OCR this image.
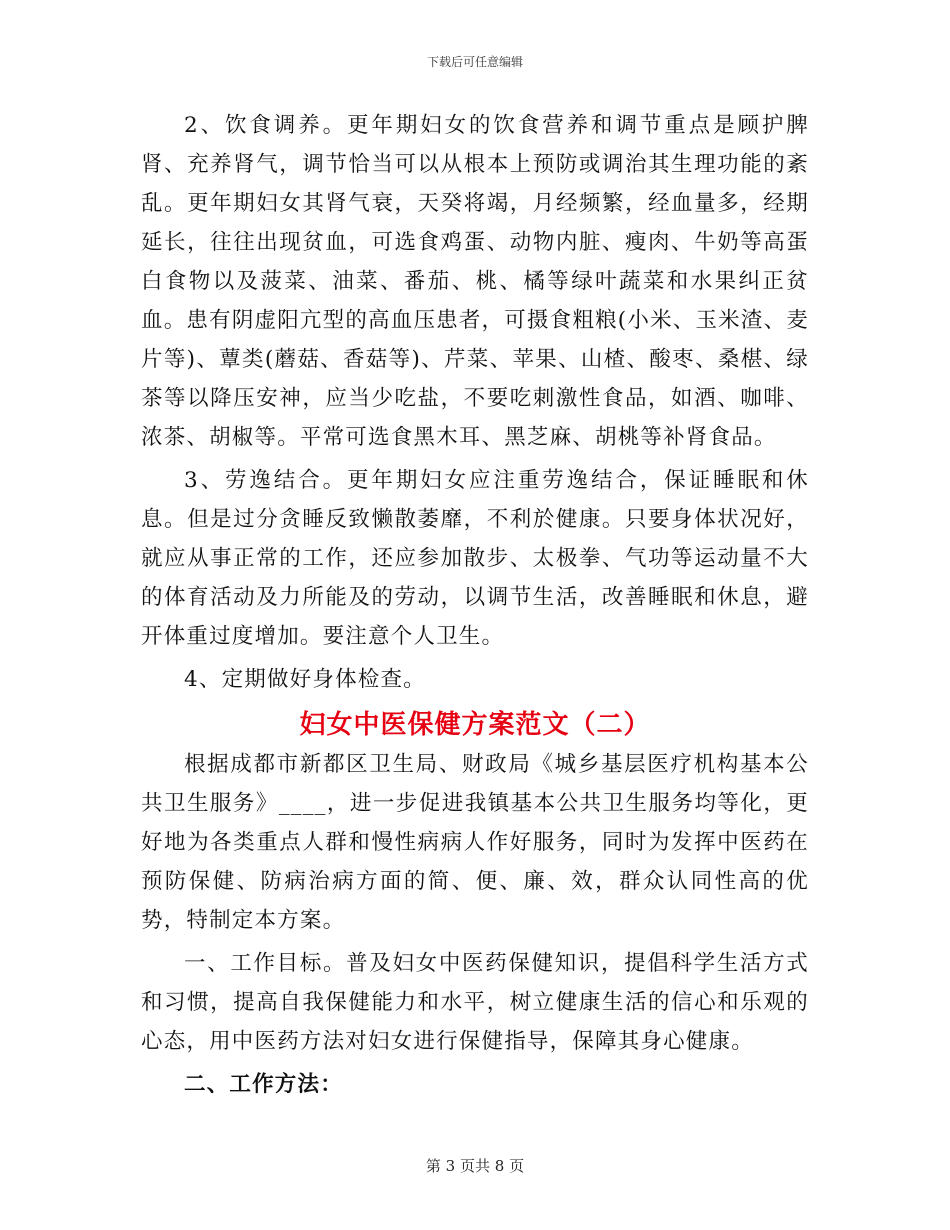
下载后可任意编辑

2、饮食调养。更年期妇女的饮食营养和调节重点是顾护脾肾、充养肾气，调节恰当可以从根本上预防或调治其生理功能的紊乱。更年期妇女其肾气衰，天癸将竭，月经频繁，经血量多，经期延长，往往出现贫血，可选食鸡蛋、动物内脏、瘦肉、牛奶等高蛋白食物以及菠菜、油菜、番茄、桃、橘等绿叶蔬菜和水果纠正贫血。患有阴虚阳亢型的高血压患者，可摄食粗粮(小米、玉米渣、麦片等)、蕈类(蘑菇、香菇等)、芹菜、苹果、山楂、酸枣、桑椹、绿茶等以降压安神，应当少吃盐，不要吃刺激性食品，如酒、咖啡、浓茶、胡椒等。平常可选食黑木耳、黑芝麻、胡桃等补肾食品。

3、劳逸结合。更年期妇女应注重劳逸结合，保证睡眠和休息。但是过分贪睡反致懒散萎靡，不利於健康。只要身体状况好，就应从事正常的工作，还应参加散步、太极拳、气功等运动量不大的体育活动及力所能及的劳动，以调节生活，改善睡眠和休息，避开体重过度增加。要注意个人卫生。

4、定期做好身体检查。

妇女中医保健方案范文（二）

根据成都市新都区卫生局、财政局《城乡基层医疗机构基本公共卫生服务》____，进一步促进我镇基本公共卫生服务均等化，更好地为各类重点人群和慢性病病人作好服务，同时为发挥中医药在预防保健、防病治病方面的简、便、廉、效，群众认同性高的优势，特制定本方案。

一、工作目标。普及妇女中医药保健知识，提倡科学生活方式和习惯，提高自我保健能力和水平，树立健康生活的信心和乐观的心态，用中医药方法对妇女进行保健指导，保障其身心健康。

二、工作方法：

第 3 页共 8 页
